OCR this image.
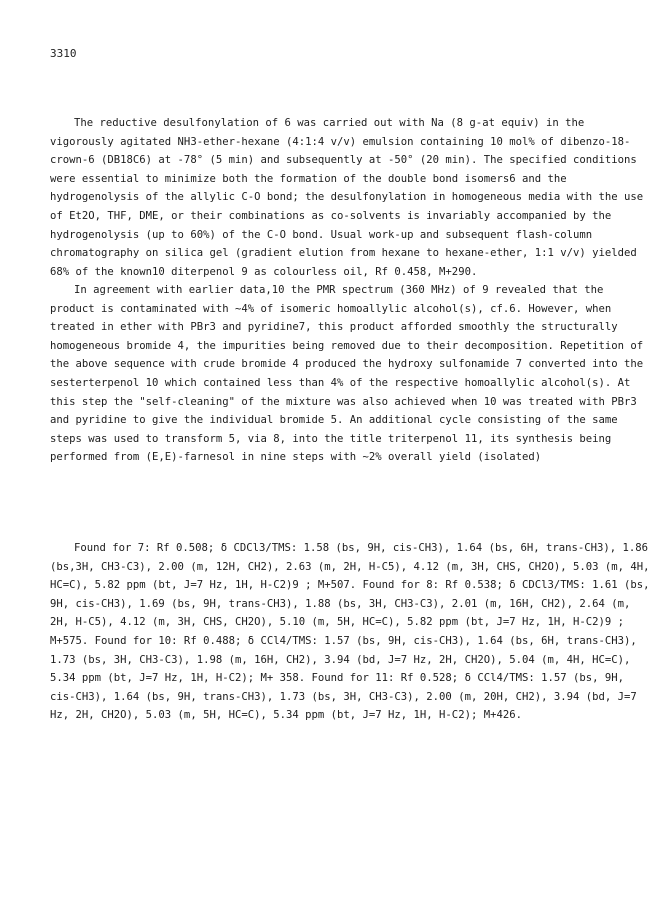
3310

The reductive desulfonylation of 6 was carried out with Na (8 g-at equiv) in the vigorously agitated NH3-ether-hexane (4:1:4 v/v) emulsion containing 10 mol% of dibenzo-18-crown-6 (DB18C6) at -78° (5 min) and subsequently at -50° (20 min). The specified conditions were essential to minimize both the formation of the double bond isomers6 and the hydrogenolysis of the allylic C-O bond; the desulfonylation in homogeneous media with the use of Et2O, THF, DME, or their combinations as co-solvents is invariably accompanied by the hydrogenolysis (up to 60%) of the C-O bond. Usual work-up and subsequent flash-column chromatography on silica gel (gradient elution from hexane to hexane-ether, 1:1 v/v) yielded 68% of the known10 diterpenol 9 as colourless oil, Rf 0.458, M+290.

In agreement with earlier data,10 the PMR spectrum (360 MHz) of 9 revealed that the product is contaminated with ~4% of isomeric homoallylic alcohol(s), cf.6. However, when treated in ether with PBr3 and pyridine7, this product afforded smoothly the structurally homogeneous bromide 4, the impurities being removed due to their decomposition. Repetition of the above sequence with crude bromide 4 produced the hydroxy sulfonamide 7 converted into the sesterterpenol 10 which contained less than 4% of the respective homoallylic alcohol(s). At this step the "self-cleaning" of the mixture was also achieved when 10 was treated with PBr3 and pyridine to give the individual bromide 5. An additional cycle consisting of the same steps was used to transform 5, via 8, into the title triterpenol 11, its synthesis being performed from (E,E)-farnesol in nine steps with ~2% overall yield (isolated)

Found for 7: Rf 0.508; δ CDCl3/TMS: 1.58 (bs, 9H, cis-CH3), 1.64 (bs, 6H, trans-CH3), 1.86 (bs,3H, CH3-C3), 2.00 (m, 12H, CH2), 2.63 (m, 2H, H-C5), 4.12 (m, 3H, CHS, CH2O), 5.03 (m, 4H, HC=C), 5.82 ppm (bt, J=7 Hz, 1H, H-C2)9 ; M+507. Found for 8: Rf 0.538; δ CDCl3/TMS: 1.61 (bs, 9H, cis-CH3), 1.69 (bs, 9H, trans-CH3), 1.88 (bs, 3H, CH3-C3), 2.01 (m, 16H, CH2), 2.64 (m, 2H, H-C5), 4.12 (m, 3H, CHS, CH2O), 5.10 (m, 5H, HC=C), 5.82 ppm (bt, J=7 Hz, 1H, H-C2)9 ; M+575. Found for 10: Rf 0.488; δ CCl4/TMS: 1.57 (bs, 9H, cis-CH3), 1.64 (bs, 6H, trans-CH3), 1.73 (bs, 3H, CH3-C3), 1.98 (m, 16H, CH2), 3.94 (bd, J=7 Hz, 2H, CH2O), 5.04 (m, 4H, HC=C), 5.34 ppm (bt, J=7 Hz, 1H, H-C2); M+ 358. Found for 11: Rf 0.528; δ CCl4/TMS: 1.57 (bs, 9H, cis-CH3), 1.64 (bs, 9H, trans-CH3), 1.73 (bs, 3H, CH3-C3), 2.00 (m, 20H, CH2), 3.94 (bd, J=7 Hz, 2H, CH2O), 5.03 (m, 5H, HC=C), 5.34 ppm (bt, J=7 Hz, 1H, H-C2); M+426.
